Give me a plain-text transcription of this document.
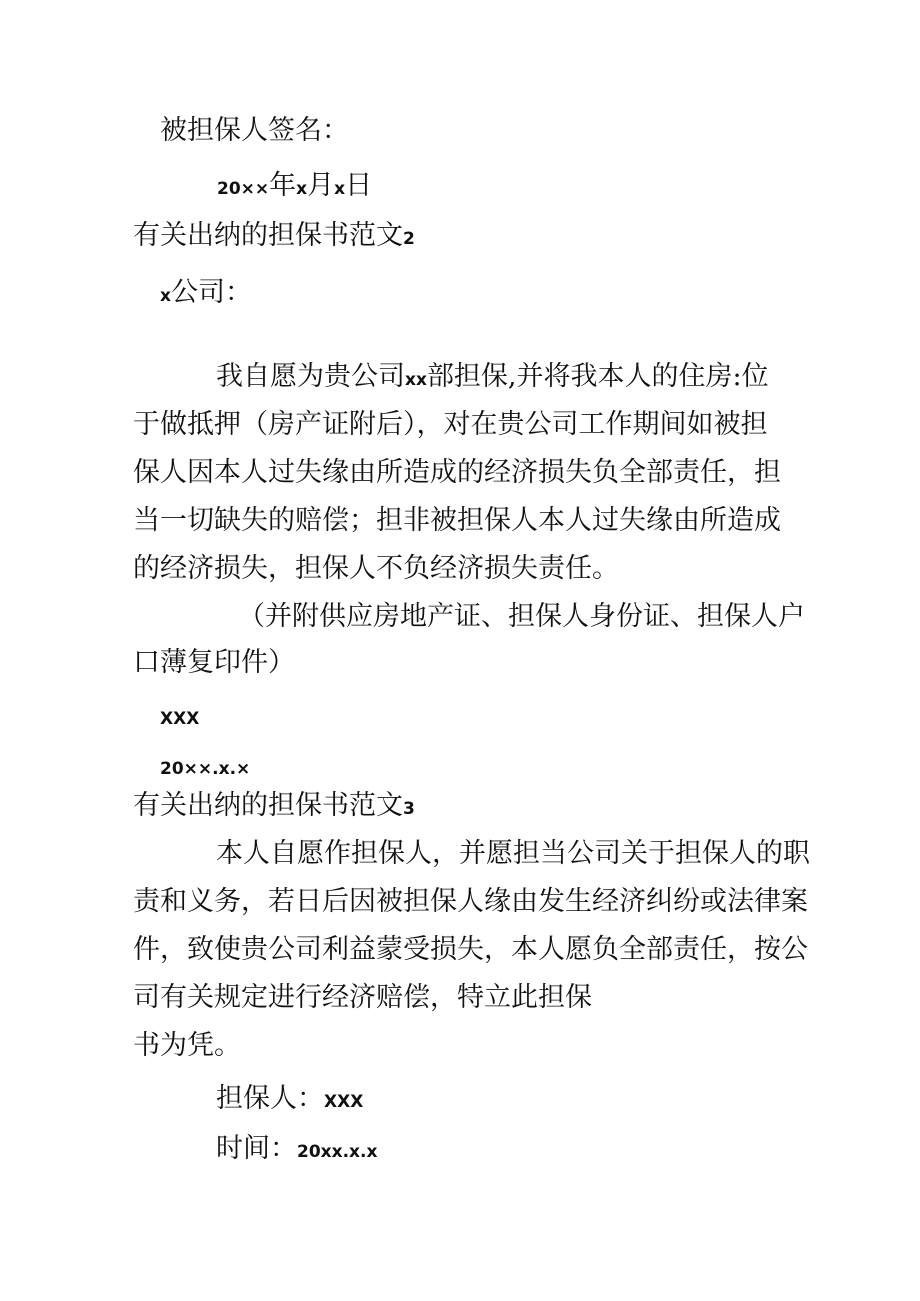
被担保人签名：
20××年x月x日
有关出纳的担保书范文2
x公司：
我自愿为贵公司xx部担保,并将我本人的住房:位
于做抵押（房产证附后），对在贵公司工作期间如被担
保人因本人过失缘由所造成的经济损失负全部责任，担
当一切缺失的赔偿；担非被担保人本人过失缘由所造成
的经济损失，担保人不负经济损失责任。
（并附供应房地产证、担保人身份证、担保人户
口薄复印件）
XXX
20××.x.×
有关出纳的担保书范文3
本人自愿作担保人，并愿担当公司关于担保人的职
责和义务，若日后因被担保人缘由发生经济纠纷或法律案
件，致使贵公司利益蒙受损失，本人愿负全部责任，按公
司有关规定进行经济赔偿，特立此担保
书为凭。
担保人：XXX
时间：20xx.x.x
